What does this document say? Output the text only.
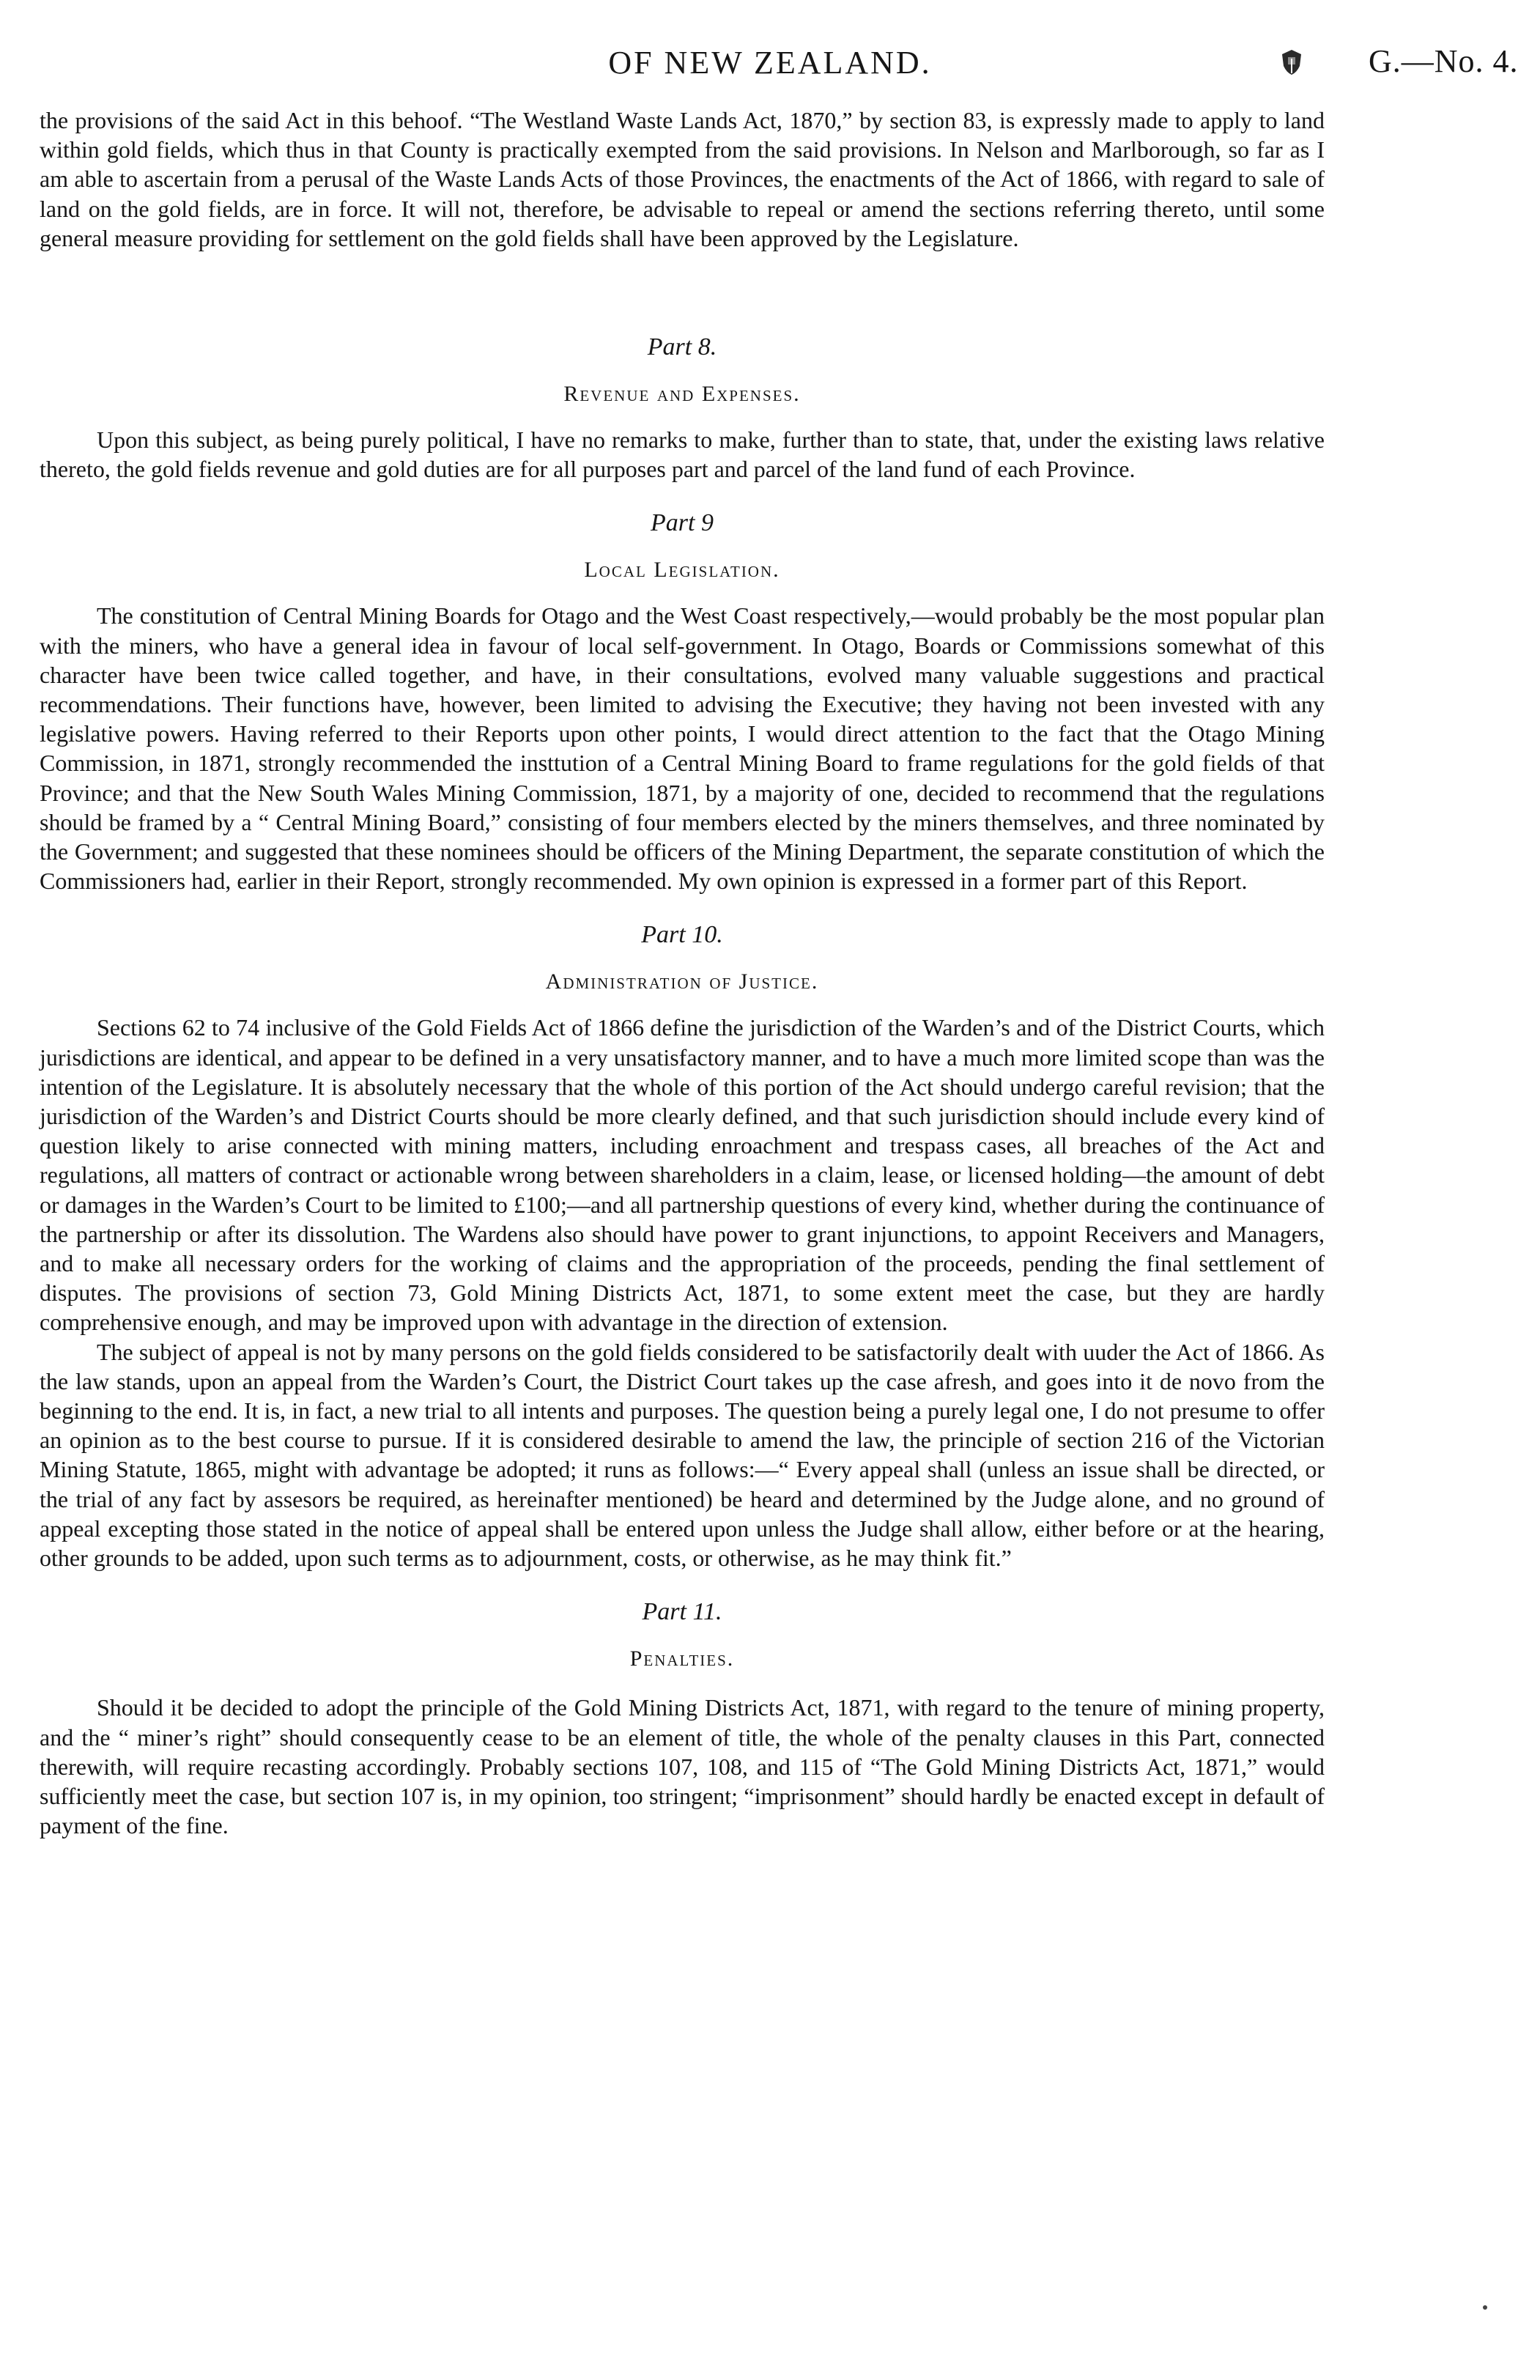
OF NEW ZEALAND.	G.—No. 4.

the provisions of the said Act in this behoof. “The Westland Waste Lands Act, 1870,” by section 83, is expressly made to apply to land within gold fields, which thus in that County is practically exempted from the said provisions. In Nelson and Marlborough, so far as I am able to ascertain from a perusal of the Waste Lands Acts of those Provinces, the enactments of the Act of 1866, with regard to sale of land on the gold fields, are in force. It will not, therefore, be advisable to repeal or amend the sections referring thereto, until some general measure providing for settlement on the gold fields shall have been approved by the Legislature.

Part 8.
Revenue and Expenses.

Upon this subject, as being purely political, I have no remarks to make, further than to state, that, under the existing laws relative thereto, the gold fields revenue and gold duties are for all purposes part and parcel of the land fund of each Province.

Part 9
Local Legislation.

The constitution of Central Mining Boards for Otago and the West Coast respectively,—would probably be the most popular plan with the miners, who have a general idea in favour of local self-government. In Otago, Boards or Commissions somewhat of this character have been twice called together, and have, in their consultations, evolved many valuable suggestions and practical recommendations. Their functions have, however, been limited to advising the Executive; they having not been invested with any legislative powers. Having referred to their Reports upon other points, I would direct attention to the fact that the Otago Mining Commission, in 1871, strongly recommended the insttution of a Central Mining Board to frame regulations for the gold fields of that Province; and that the New South Wales Mining Commission, 1871, by a majority of one, decided to recommend that the regulations should be framed by a “ Central Mining Board,” consisting of four members elected by the miners themselves, and three nominated by the Government; and suggested that these nominees should be officers of the Mining Department, the separate constitution of which the Commissioners had, earlier in their Report, strongly recommended. My own opinion is expressed in a former part of this Report.

Part 10.
Administration of Justice.

Sections 62 to 74 inclusive of the Gold Fields Act of 1866 define the jurisdiction of the Warden’s and of the District Courts, which jurisdictions are identical, and appear to be defined in a very unsatisfactory manner, and to have a much more limited scope than was the intention of the Legislature. It is absolutely necessary that the whole of this portion of the Act should undergo careful revision; that the jurisdiction of the Warden’s and District Courts should be more clearly defined, and that such jurisdiction should include every kind of question likely to arise connected with mining matters, including enroachment and trespass cases, all breaches of the Act and regulations, all matters of contract or actionable wrong between shareholders in a claim, lease, or licensed holding—the amount of debt or damages in the Warden’s Court to be limited to £100;—and all partnership questions of every kind, whether during the continuance of the partnership or after its dissolution. The Wardens also should have power to grant injunctions, to appoint Receivers and Managers, and to make all necessary orders for the working of claims and the appropriation of the proceeds, pending the final settlement of disputes. The provisions of section 73, Gold Mining Districts Act, 1871, to some extent meet the case, but they are hardly comprehensive enough, and may be improved upon with advantage in the direction of extension.

The subject of appeal is not by many persons on the gold fields considered to be satisfactorily dealt with uuder the Act of 1866. As the law stands, upon an appeal from the Warden’s Court, the District Court takes up the case afresh, and goes into it de novo from the beginning to the end. It is, in fact, a new trial to all intents and purposes. The question being a purely legal one, I do not presume to offer an opinion as to the best course to pursue. If it is considered desirable to amend the law, the principle of section 216 of the Victorian Mining Statute, 1865, might with advantage be adopted; it runs as follows:—“ Every appeal shall (unless an issue shall be directed, or the trial of any fact by assesors be required, as hereinafter mentioned) be heard and determined by the Judge alone, and no ground of appeal excepting those stated in the notice of appeal shall be entered upon unless the Judge shall allow, either before or at the hearing, other grounds to be added, upon such terms as to adjournment, costs, or otherwise, as he may think fit.”

Part 11.
Penalties.

Should it be decided to adopt the principle of the Gold Mining Districts Act, 1871, with regard to the tenure of mining property, and the “ miner’s right” should consequently cease to be an element of title, the whole of the penalty clauses in this Part, connected therewith, will require recasting accordingly. Probably sections 107, 108, and 115 of “The Gold Mining Districts Act, 1871,” would sufficiently meet the case, but section 107 is, in my opinion, too stringent; “imprisonment” should hardly be enacted except in default of payment of the fine.
